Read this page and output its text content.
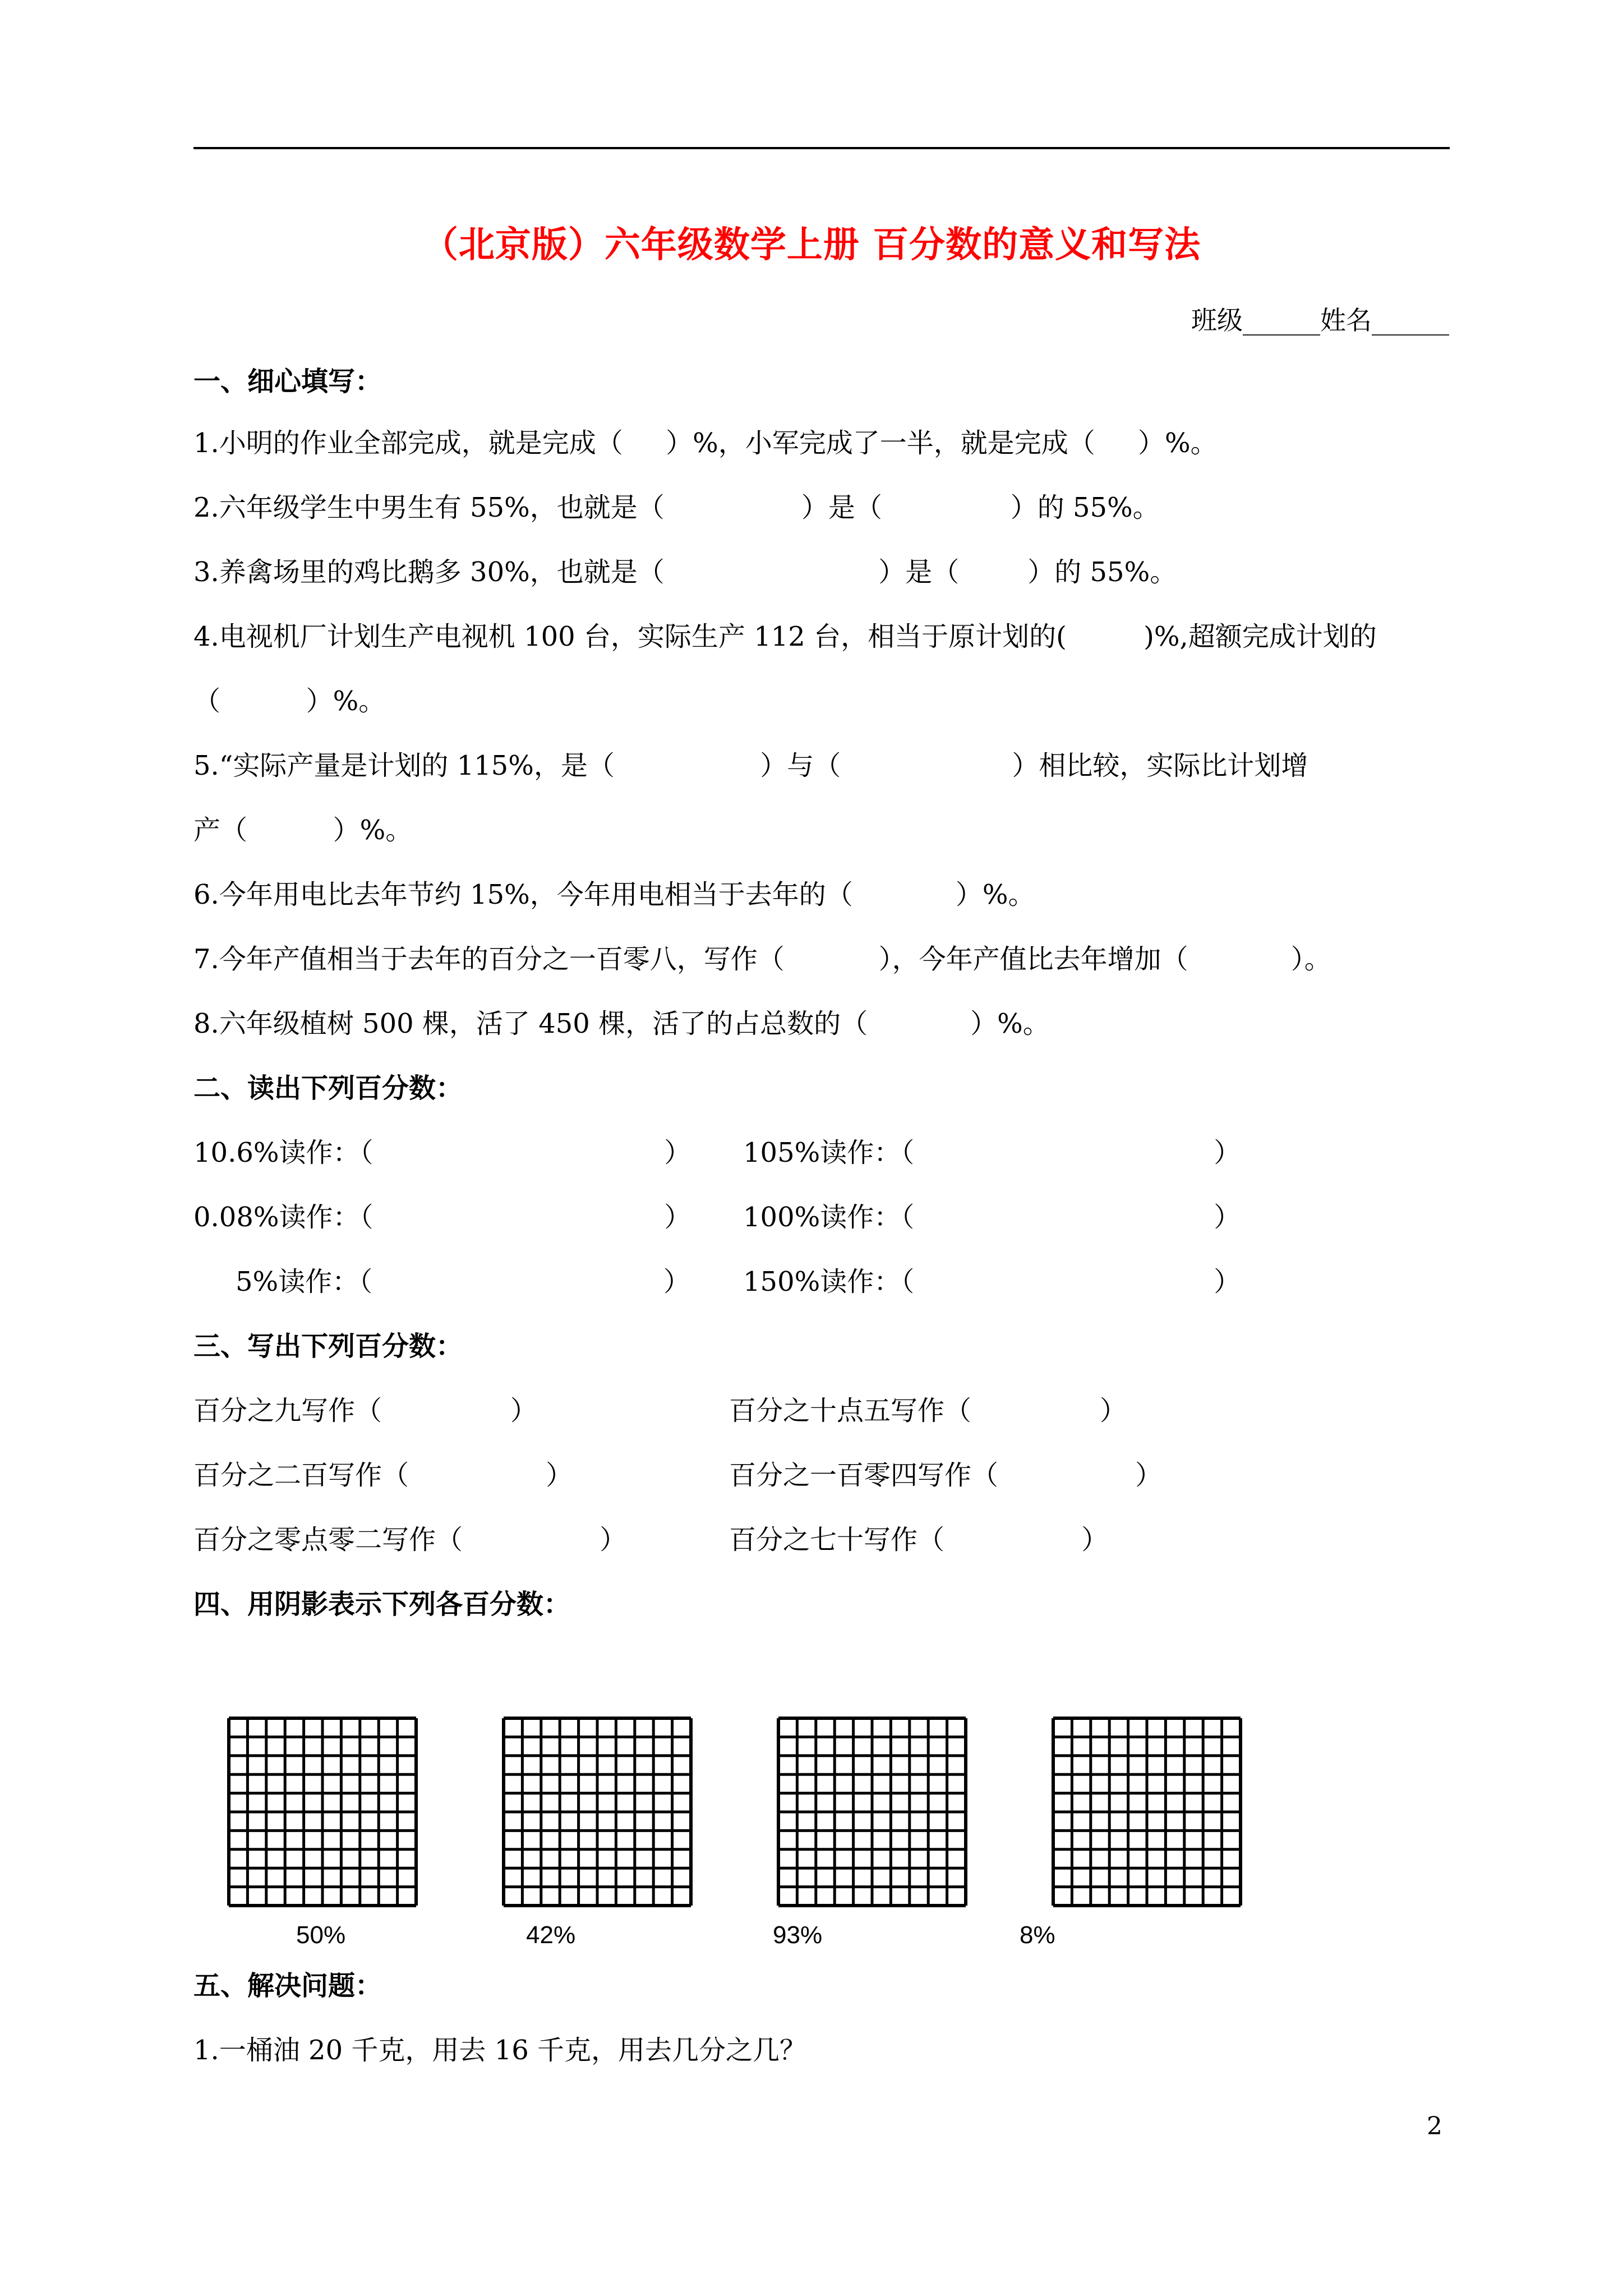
（北京版）六年级数学上册 百分数的意义和写法
班级______姓名______
一、细心填写：
1.小明的作业全部完成，就是完成（     ）%，小军完成了一半，就是完成（     ）%。
2.六年级学生中男生有 55%，也就是（                ）是（               ）的 55%。
3.养禽场里的鸡比鹅多 30%，也就是（                         ）是（        ）的 55%。
4.电视机厂计划生产电视机 100 台，实际生产 112 台，相当于原计划的(         )%,超额完成计划的
（          ）%。
5.“实际产量是计划的 115%，是（                 ）与（                    ）相比较，实际比计划增
产（          ）%。
6.今年用电比去年节约 15%，今年用电相当于去年的（            ）%。
7.今年产值相当于去年的百分之一百零八，写作（           ），今年产值比去年增加（            ）。
8.六年级植树 500 棵，活了 450 棵，活了的占总数的（            ）%。
二、读出下列百分数：
10.6%读作：（                                  ） 105%读作：（                                   ）
0.08%读作：（                                  ） 100%读作：（                                   ）
5%读作：（                                  ） 150%读作：（                                   ）
三、写出下列百分数：
百分之九写作（               ）	百分之十点五写作（               ）
百分之二百写作（                ）	百分之一百零四写作（                ）
百分之零点零二写作（                ）	百分之七十写作（                ）
四、用阴影表示下列各百分数：
50%	42%	93%	8%
五、解决问题：
1.一桶油 20 千克，用去 16 千克，用去几分之几？
2
